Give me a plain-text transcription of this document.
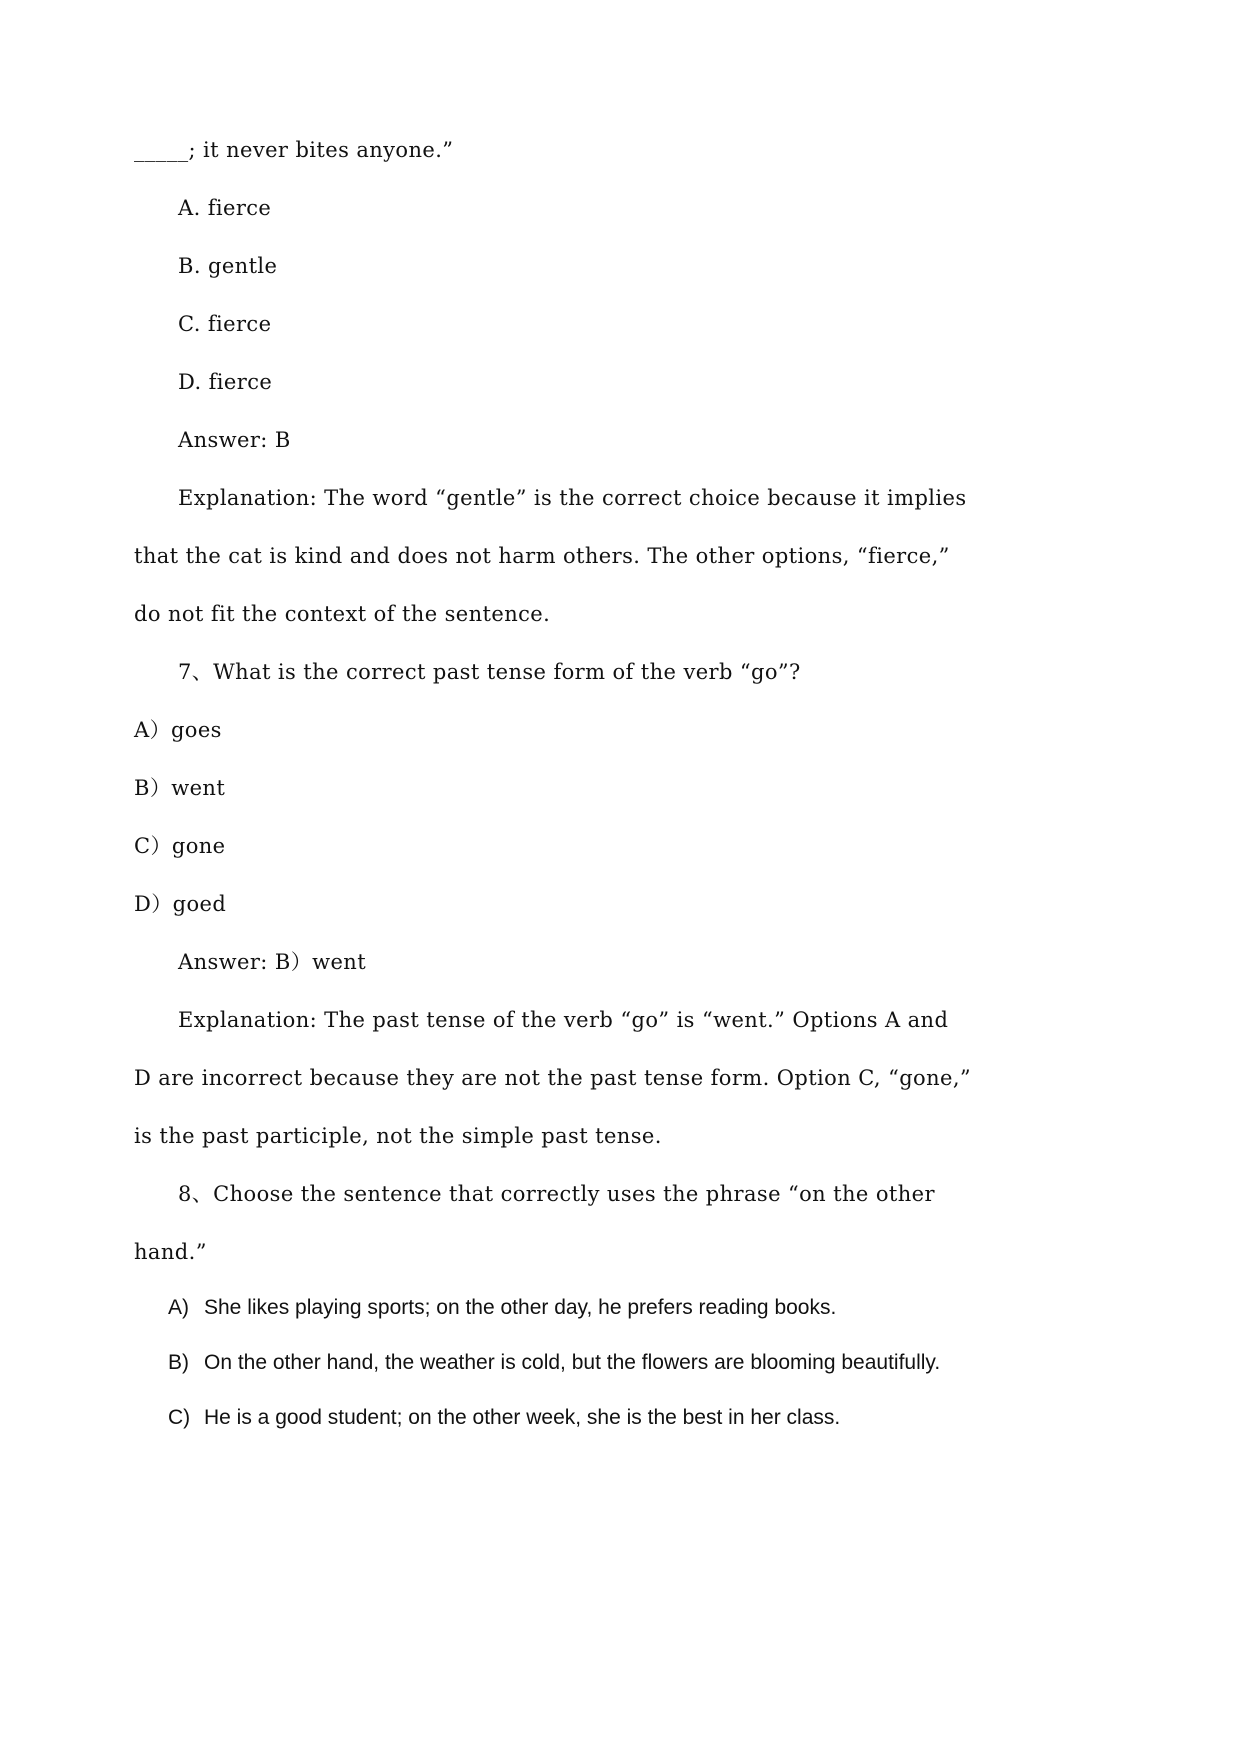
_____; it never bites anyone.”
A. fierce
B. gentle
C. fierce
D. fierce
Answer: B
Explanation: The word “gentle” is the correct choice because it implies
that the cat is kind and does not harm others. The other options, “fierce,”
do not fit the context of the sentence.
7、What is the correct past tense form of the verb “go”?
A）goes
B）went
C）gone
D）goed
Answer: B）went
Explanation: The past tense of the verb “go” is “went.” Options A and
D are incorrect because they are not the past tense form. Option C, “gone,”
is the past participle, not the simple past tense.
8、Choose the sentence that correctly uses the phrase “on the other
hand.”
A) She likes playing sports; on the other day, he prefers reading books.
B) On the other hand, the weather is cold, but the flowers are blooming beautifully.
C) He is a good student; on the other week, she is the best in her class.
